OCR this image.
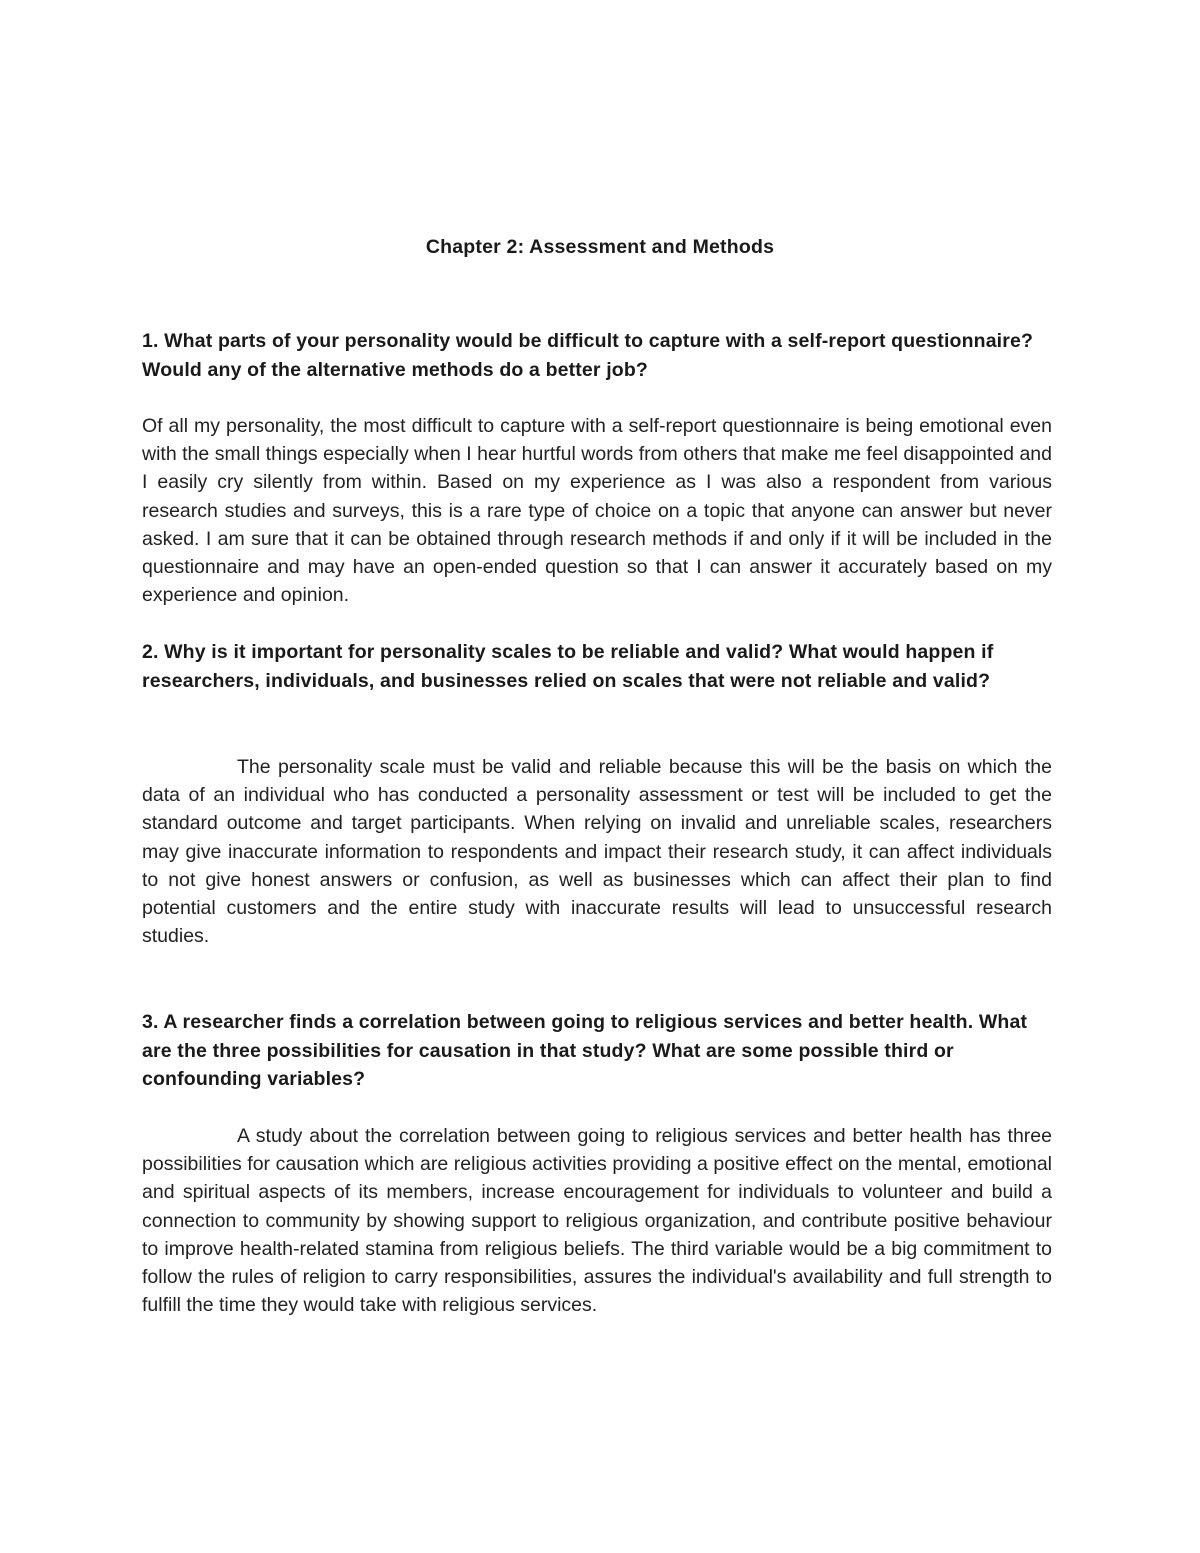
Chapter 2: Assessment and Methods

1. What parts of your personality would be difficult to capture with a self-report questionnaire? Would any of the alternative methods do a better job?

Of all my personality, the most difficult to capture with a self-report questionnaire is being emotional even with the small things especially when I hear hurtful words from others that make me feel disappointed and I easily cry silently from within. Based on my experience as I was also a respondent from various research studies and surveys, this is a rare type of choice on a topic that anyone can answer but never asked. I am sure that it can be obtained through research methods if and only if it will be included in the questionnaire and may have an open-ended question so that I can answer it accurately based on my experience and opinion.

2. Why is it important for personality scales to be reliable and valid? What would happen if researchers, individuals, and businesses relied on scales that were not reliable and valid?

The personality scale must be valid and reliable because this will be the basis on which the data of an individual who has conducted a personality assessment or test will be included to get the standard outcome and target participants. When relying on invalid and unreliable scales, researchers may give inaccurate information to respondents and impact their research study, it can affect individuals to not give honest answers or confusion, as well as businesses which can affect their plan to find potential customers and the entire study with inaccurate results will lead to unsuccessful research studies.

3. A researcher finds a correlation between going to religious services and better health. What are the three possibilities for causation in that study? What are some possible third or confounding variables?

A study about the correlation between going to religious services and better health has three possibilities for causation which are religious activities providing a positive effect on the mental, emotional and spiritual aspects of its members, increase encouragement for individuals to volunteer and build a connection to community by showing support to religious organization, and contribute positive behaviour to improve health-related stamina from religious beliefs. The third variable would be a big commitment to follow the rules of religion to carry responsibilities, assures the individual's availability and full strength to fulfill the time they would take with religious services.
